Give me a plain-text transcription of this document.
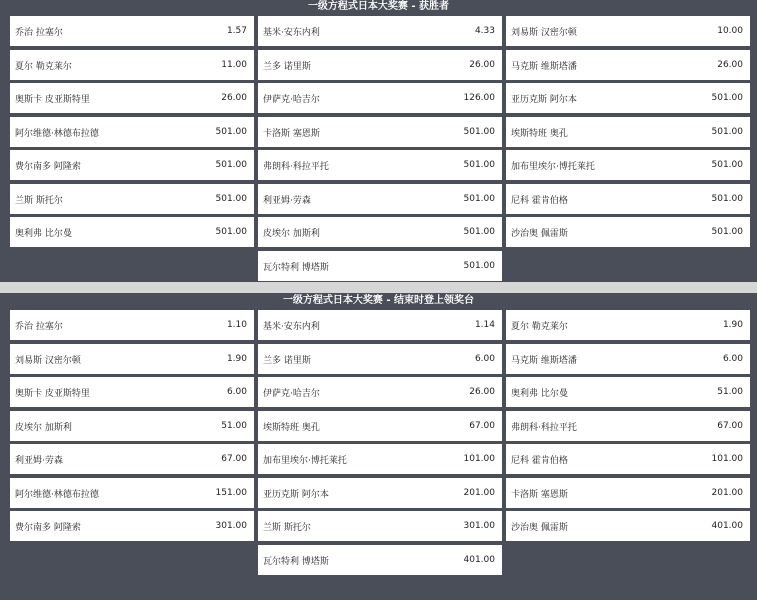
一级方程式日本大奖赛 - 获胜者
乔治 拉塞尔	1.57
夏尔 勒克莱尔	11.00
奥斯卡 皮亚斯特里	26.00
阿尔维德·林德布拉德	501.00
费尔南多 阿隆索	501.00
兰斯 斯托尔	501.00
奥利弗 比尔曼	501.00
基米·安东内利	4.33
兰多 诺里斯	26.00
伊萨克·哈吉尔	126.00
卡洛斯 塞恩斯	501.00
弗朗科·科拉平托	501.00
利亚姆·劳森	501.00
皮埃尔 加斯利	501.00
瓦尔特利 博塔斯	501.00
刘易斯 汉密尔顿	10.00
马克斯 维斯塔潘	26.00
亚历克斯 阿尔本	501.00
埃斯特班 奥孔	501.00
加布里埃尔·博托莱托	501.00
尼科 霍肯伯格	501.00
沙治奥 佩雷斯	501.00
一级方程式日本大奖赛 - 结束时登上领奖台
乔治 拉塞尔	1.10
刘易斯 汉密尔顿	1.90
奥斯卡 皮亚斯特里	6.00
皮埃尔 加斯利	51.00
利亚姆·劳森	67.00
阿尔维德·林德布拉德	151.00
费尔南多 阿隆索	301.00
基米·安东内利	1.14
兰多 诺里斯	6.00
伊萨克·哈吉尔	26.00
埃斯特班 奥孔	67.00
加布里埃尔·博托莱托	101.00
亚历克斯 阿尔本	201.00
兰斯 斯托尔	301.00
瓦尔特利 博塔斯	401.00
夏尔 勒克莱尔	1.90
马克斯 维斯塔潘	6.00
奥利弗 比尔曼	51.00
弗朗科·科拉平托	67.00
尼科 霍肯伯格	101.00
卡洛斯 塞恩斯	201.00
沙治奥 佩雷斯	401.00
